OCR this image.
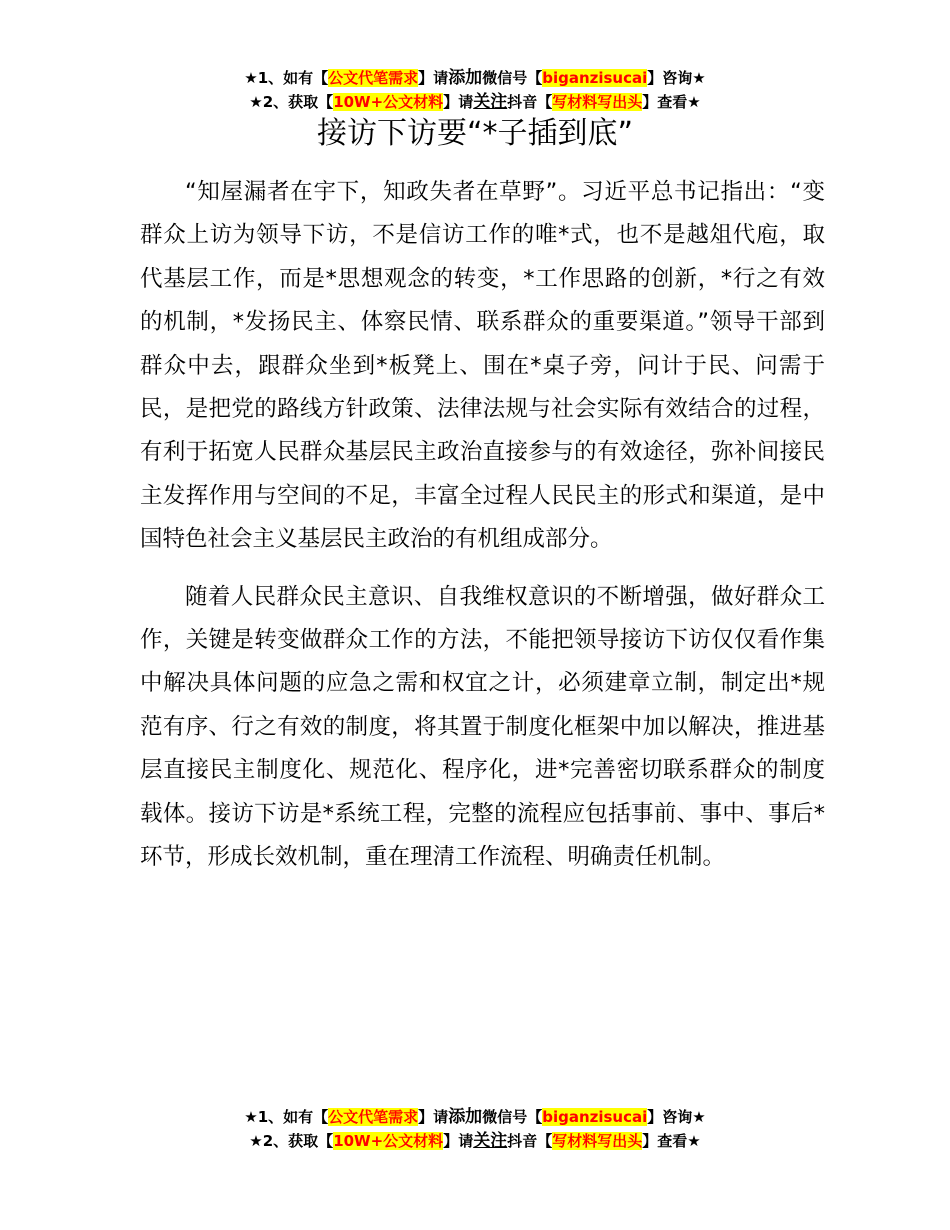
★1、如有【公文代笔需求】请添加微信号【biganzisucai】咨询★
★2、获取【10W+公文材料】请关注抖音【写材料写出头】查看★
接访下访要“*子插到底”

“知屋漏者在宇下，知政失者在草野”。习近平总书记指出：“变群众上访为领导下访，不是信访工作的唯*式，也不是越俎代庖，取代基层工作，而是*思想观念的转变，*工作思路的创新，*行之有效的机制，*发扬民主、体察民情、联系群众的重要渠道。”领导干部到群众中去，跟群众坐到*板凳上、围在*桌子旁，问计于民、问需于民，是把党的路线方针政策、法律法规与社会实际有效结合的过程，有利于拓宽人民群众基层民主政治直接参与的有效途径，弥补间接民主发挥作用与空间的不足，丰富全过程人民民主的形式和渠道，是中国特色社会主义基层民主政治的有机组成部分。

随着人民群众民主意识、自我维权意识的不断增强，做好群众工作，关键是转变做群众工作的方法，不能把领导接访下访仅仅看作集中解决具体问题的应急之需和权宜之计，必须建章立制，制定出*规范有序、行之有效的制度，将其置于制度化框架中加以解决，推进基层直接民主制度化、规范化、程序化，进*完善密切联系群众的制度载体。接访下访是*系统工程，完整的流程应包括事前、事中、事后*环节，形成长效机制，重在理清工作流程、明确责任机制。

★1、如有【公文代笔需求】请添加微信号【biganzisucai】咨询★
★2、获取【10W+公文材料】请关注抖音【写材料写出头】查看★
